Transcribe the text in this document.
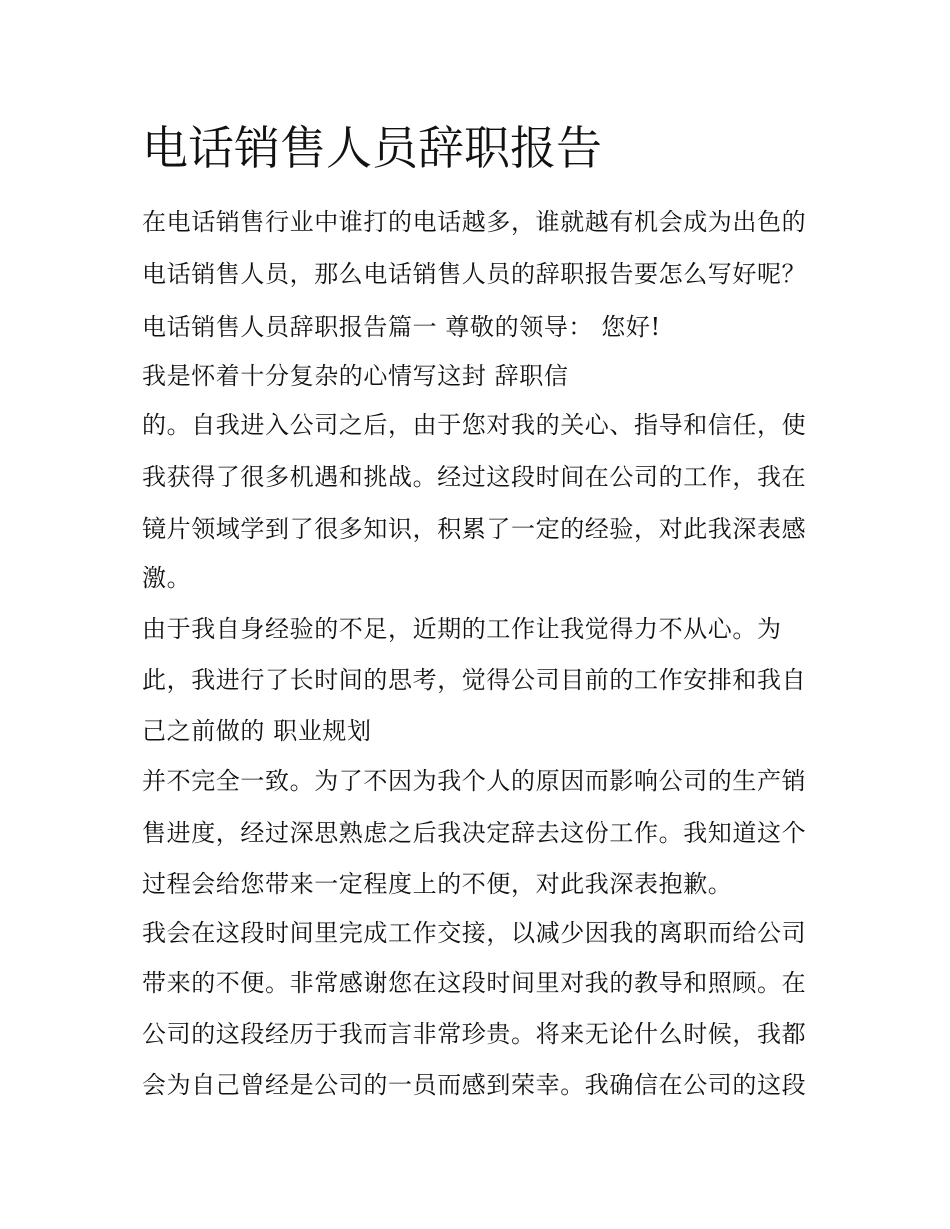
电话销售人员辞职报告
在电话销售行业中谁打的电话越多，谁就越有机会成为出色的
电话销售人员，那么电话销售人员的辞职报告要怎么写好呢？
电话销售人员辞职报告篇一 尊敬的领导： 您好!
我是怀着十分复杂的心情写这封 辞职信
的。自我进入公司之后，由于您对我的关心、指导和信任，使
我获得了很多机遇和挑战。经过这段时间在公司的工作，我在
镜片领域学到了很多知识，积累了一定的经验，对此我深表感
激。
由于我自身经验的不足，近期的工作让我觉得力不从心。为
此，我进行了长时间的思考，觉得公司目前的工作安排和我自
己之前做的 职业规划
并不完全一致。为了不因为我个人的原因而影响公司的生产销
售进度，经过深思熟虑之后我决定辞去这份工作。我知道这个
过程会给您带来一定程度上的不便，对此我深表抱歉。
我会在这段时间里完成工作交接，以减少因我的离职而给公司
带来的不便。非常感谢您在这段时间里对我的教导和照顾。在
公司的这段经历于我而言非常珍贵。将来无论什么时候，我都
会为自己曾经是公司的一员而感到荣幸。我确信在公司的这段
